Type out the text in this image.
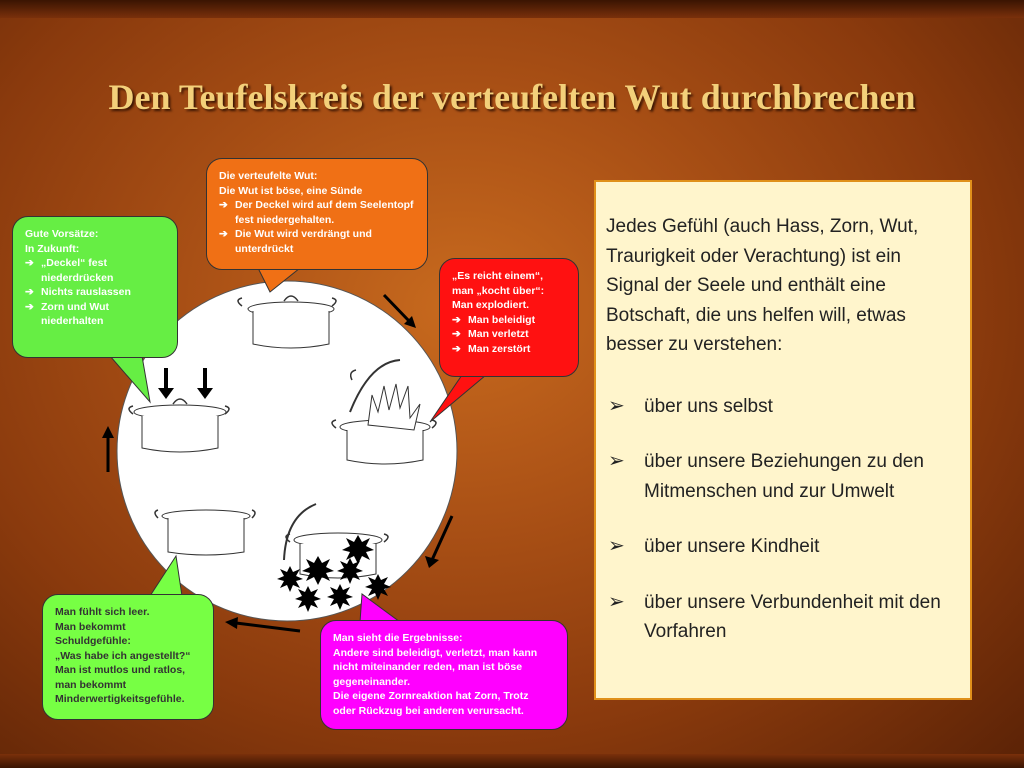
Den Teufelskreis der verteufelten Wut durchbrechen
Die verteufelte Wut:
Die Wut ist böse, eine Sünde
➔ Der Deckel wird auf dem Seelentopf fest niedergehalten.
➔ Die Wut wird verdrängt und unterdrückt
Gute Vorsätze:
In Zukunft:
➔ „Deckel“ fest niederdrücken
➔ Nichts rauslassen
➔ Zorn und Wut niederhalten
„Es reicht einem“,
man „kocht über“:
Man explodiert.
➔ Man beleidigt
➔ Man verletzt
➔ Man zerstört
Man fühlt sich leer.
Man bekommt
Schuldgefühle:
„Was habe ich angestellt?“
Man ist mutlos und ratlos,
man bekommt
Minderwertigkeitsgefühle.
Man sieht die Ergebnisse:
Andere sind beleidigt, verletzt, man kann
nicht miteinander reden, man ist böse
gegeneinander.
Die eigene Zornreaktion hat Zorn, Trotz
oder Rückzug bei anderen verursacht.
Jedes Gefühl (auch Hass, Zorn, Wut, Traurigkeit oder Verachtung) ist ein Signal der Seele und enthält eine Botschaft, die uns helfen will, etwas besser zu verstehen:
➢ über uns selbst
➢ über unsere Beziehungen zu den Mitmenschen und zur Umwelt
➢ über unsere Kindheit
➢ über unsere Verbundenheit mit den Vorfahren
